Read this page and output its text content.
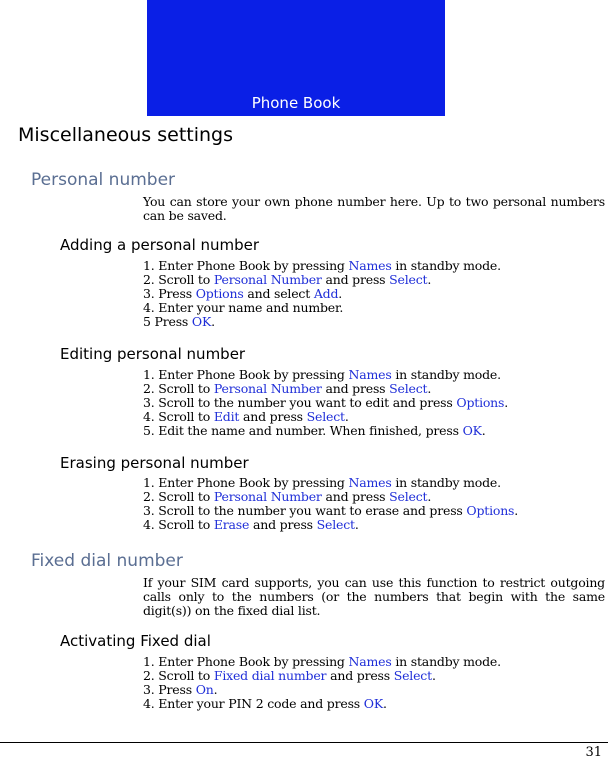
Phone Book
Miscellaneous settings
Personal number

You can store your own phone number here. Up to two personal numbers can be saved.

Adding a personal number
1. Enter Phone Book by pressing Names in standby mode.
2. Scroll to Personal Number and press Select.
3. Press Options and select Add.
4. Enter your name and number.
5 Press OK.
Editing personal number
1. Enter Phone Book by pressing Names in standby mode.
2. Scroll to Personal Number and press Select.
3. Scroll to the number you want to edit and press Options.
4. Scroll to Edit and press Select.
5. Edit the name and number. When finished, press OK.
Erasing personal number
1. Enter Phone Book by pressing Names in standby mode.
2. Scroll to Personal Number and press Select.
3. Scroll to the number you want to erase and press Options.
4. Scroll to Erase and press Select.
Fixed dial number

If your SIM card supports, you can use this function to restrict outgoing calls only to the numbers (or the numbers that begin with the same digit(s)) on the fixed dial list.

Activating Fixed dial
1. Enter Phone Book by pressing Names in standby mode.
2. Scroll to Fixed dial number and press Select.
3. Press On.
4. Enter your PIN 2 code and press OK.
31
